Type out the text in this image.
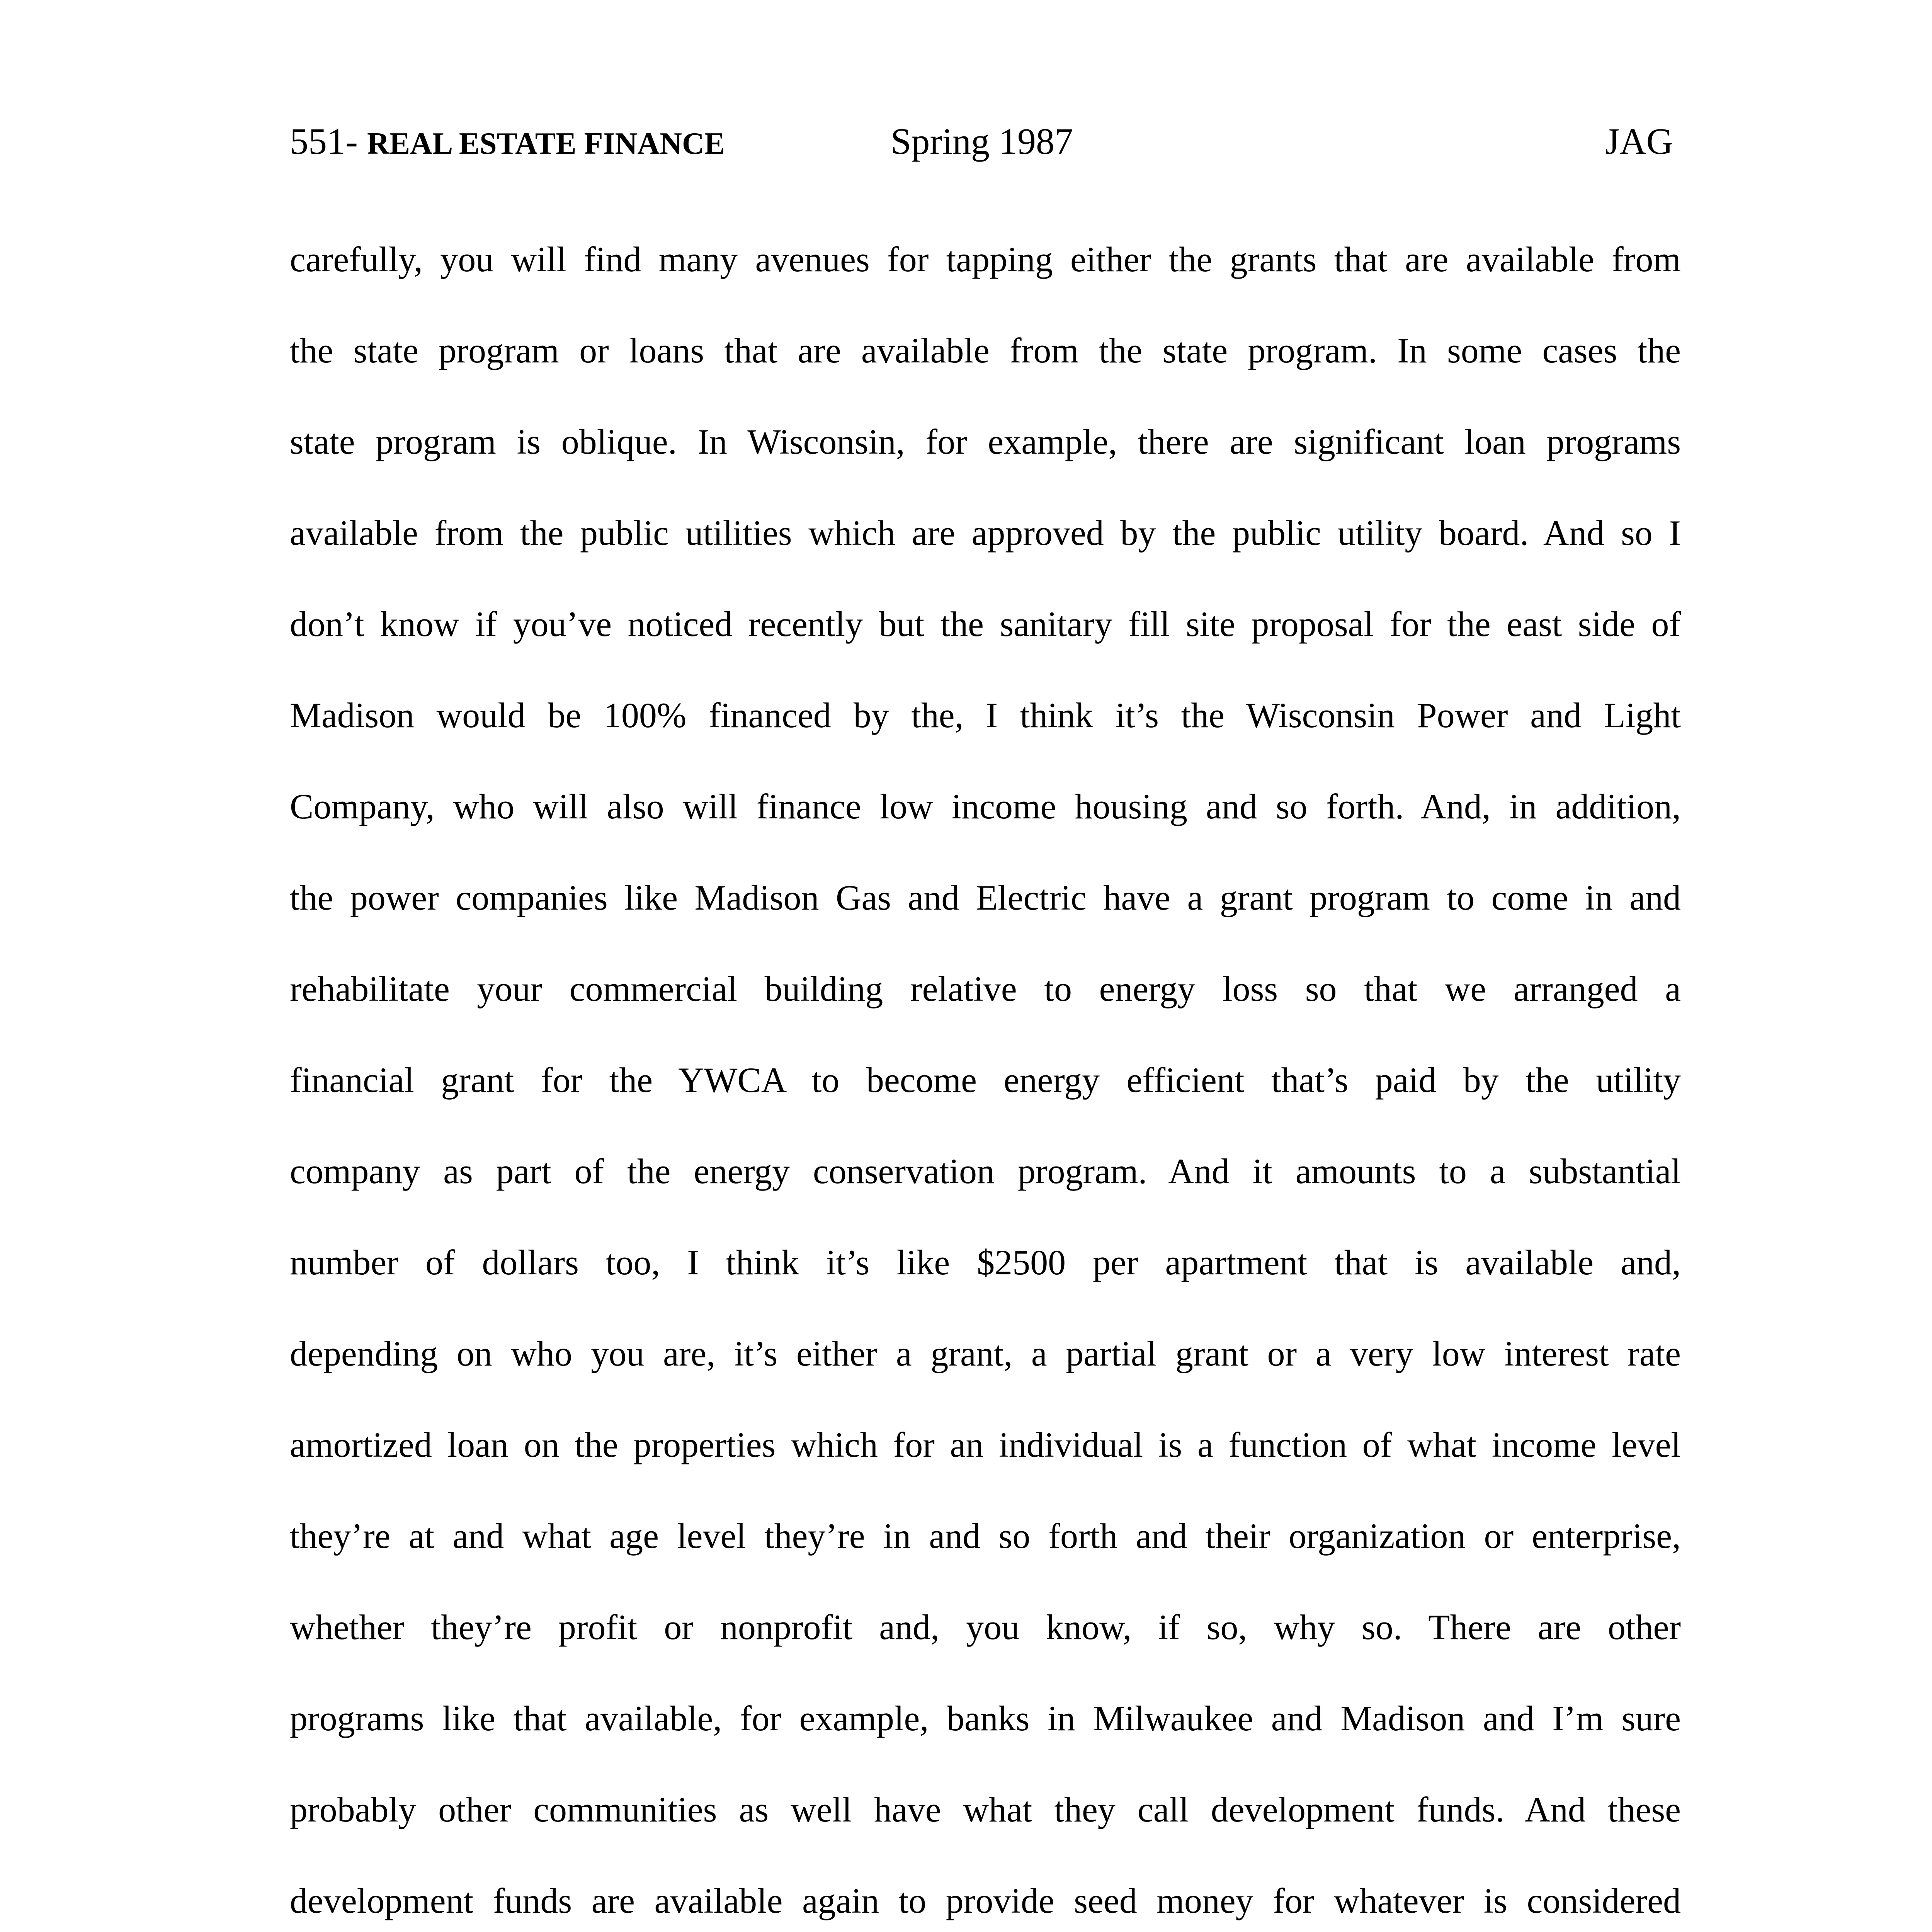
551- REAL ESTATE FINANCE	Spring 1987	JAG
carefully, you will find many avenues for tapping either the grants that are available from
the state program or loans that are available from the state program. In some cases the
state program is oblique. In Wisconsin, for example, there are significant loan programs
available from the public utilities which are approved by the public utility board. And so I
don’t know if you’ve noticed recently but the sanitary fill site proposal for the east side of
Madison would be 100% financed by the, I think it’s the Wisconsin Power and Light
Company, who will also will finance low income housing and so forth. And, in addition,
the power companies like Madison Gas and Electric have a grant program to come in and
rehabilitate your commercial building relative to energy loss so that we arranged a
financial grant for the YWCA to become energy efficient that’s paid by the utility
company as part of the energy conservation program. And it amounts to a substantial
number of dollars too, I think it’s like $2500 per apartment that is available and,
depending on who you are, it’s either a grant, a partial grant or a very low interest rate
amortized loan on the properties which for an individual is a function of what income level
they’re at and what age level they’re in and so forth and their organization or enterprise,
whether they’re profit or nonprofit and, you know, if so, why so. There are other
programs like that available, for example, banks in Milwaukee and Madison and I’m sure
probably other communities as well have what they call development funds. And these
development funds are available again to provide seed money for whatever is considered
